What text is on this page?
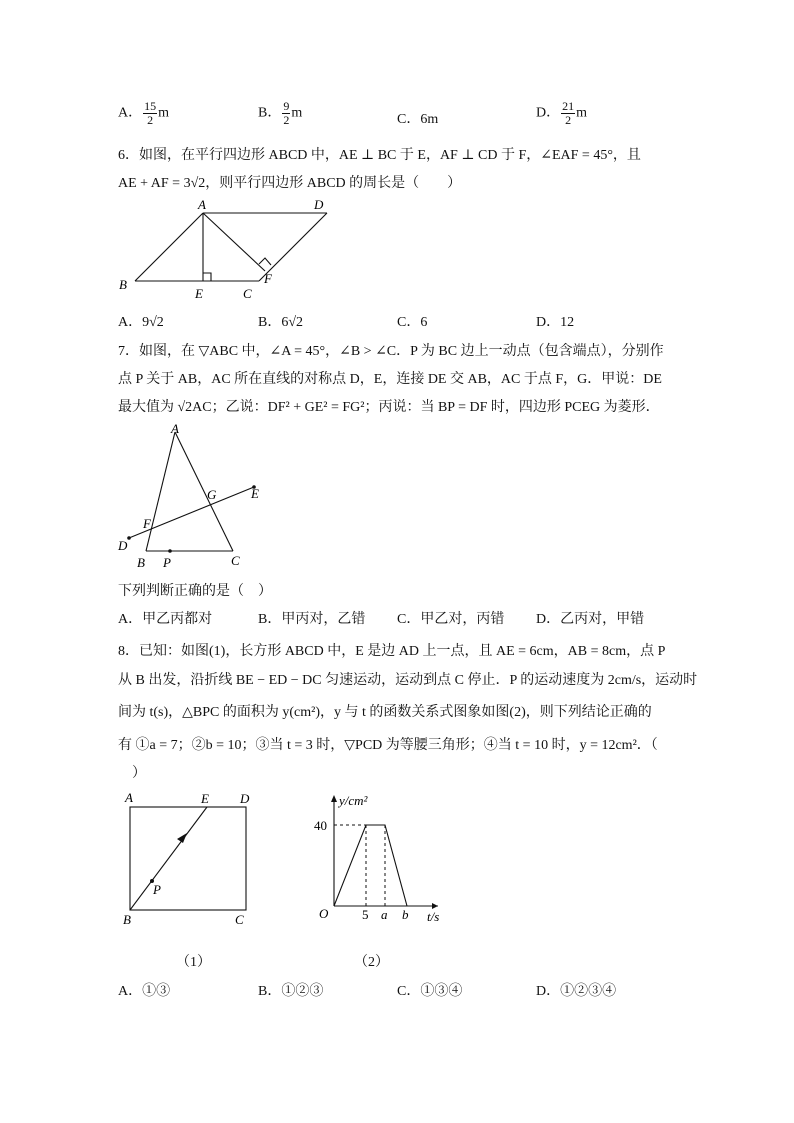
A． $\frac{15}{2}$ m	B． $\frac{9}{2}$ m	C．6m	D． $\frac{21}{2}$ m
6．如图，在平行四边形 ABCD 中，AE ⊥ BC 于 E，AF ⊥ CD 于 F，∠EAF = 45°，且
AE + AF = 3√2，则平行四边形 ABCD 的周长是（　　）
A	D
B
E	C
F
A．9√2	B．6√2	C．6	D．12
7．如图，在 ▽ABC 中，∠A = 45°，∠B > ∠C．P 为 BC 边上一动点（包含端点），分别作
点 P 关于 AB，AC 所在直线的对称点 D，E，连接 DE 交 AB，AC 于点 F，G．甲说：DE
最大值为 √2AC；乙说：DF² + GE² = FG²；丙说：当 BP = DF 时，四边形 PCEG 为菱形．
A
G	E
F
D
B P	C
下列判断正确的是（　）
A．甲乙丙都对	B．甲丙对，乙错 C．甲乙对，丙错 D．乙丙对，甲错
8．已知：如图(1)，长方形 ABCD 中，E 是边 AD 上一点，且 AE = 6cm，AB = 8cm，点 P
从 B 出发，沿折线 BE − ED − DC 匀速运动，运动到点 C 停止．P 的运动速度为 2cm/s，运动时
间为 t(s)，△BPC 的面积为 y(cm²)，y 与 t 的函数关系式图象如图(2)，则下列结论正确的
有 ①a = 7；②b = 10；③当 t = 3 时，▽PCD 为等腰三角形；④当 t = 10 时，y = 12cm²．（
　）
A	E D
P
B	C
y/cm²
40
O	5 a b t/s
（1）	（2）
A．①③	B．①②③	C．①③④	D．①②③④
